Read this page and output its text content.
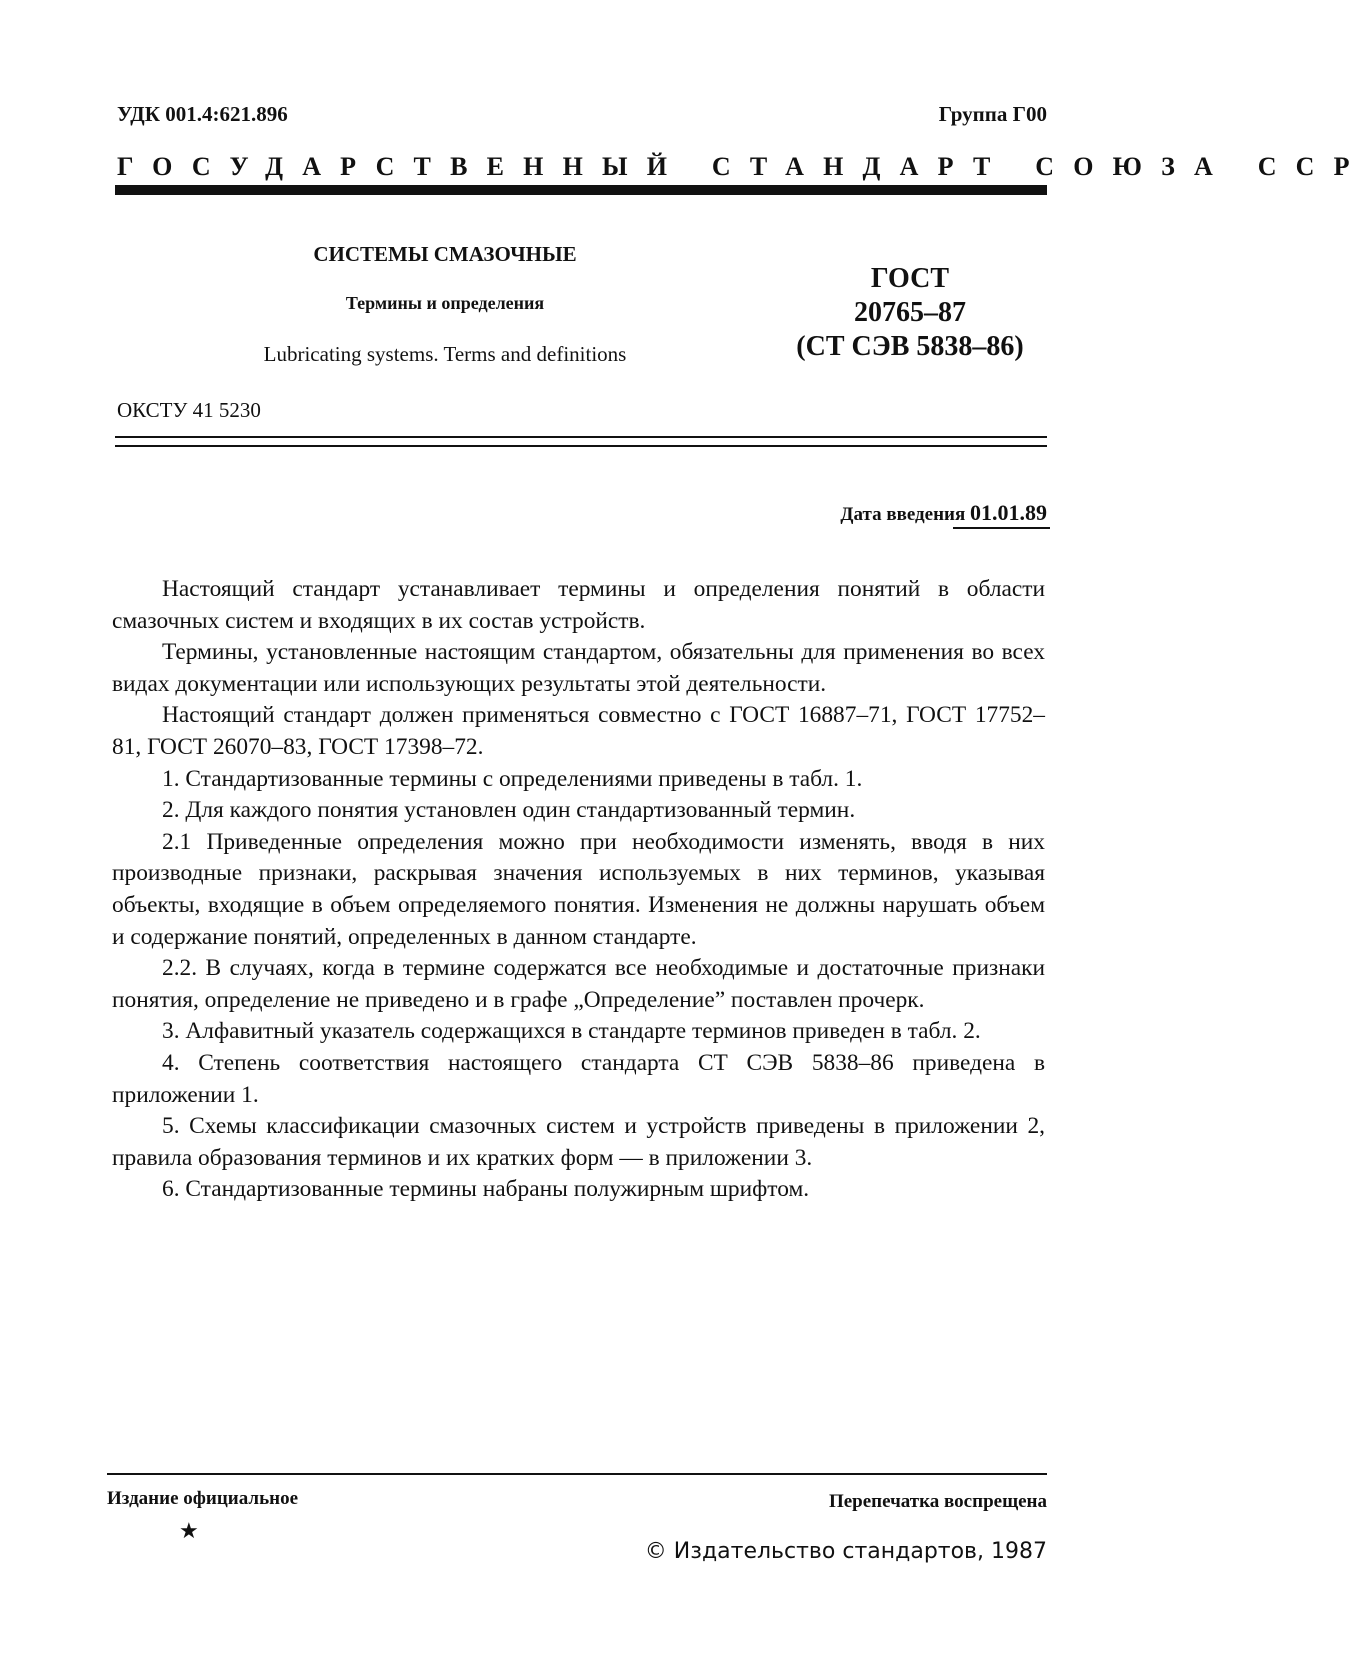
УДК 001.4:621.896	Группа Г00
ГОСУДАРСТВЕННЫЙ СТАНДАРТ СОЮЗА ССР
СИСТЕМЫ СМАЗОЧНЫЕ
Термины и определения
Lubricating systems. Terms and definitions
ГОСТ
20765–87
(СТ СЭВ 5838–86)
ОКСТУ 41 5230
Дата введения 01.01.89

Настоящий стандарт устанавливает термины и определения понятий в области смазочных систем и входящих в их состав устройств.

Термины, установленные настоящим стандартом, обязательны для применения во всех видах документации или использующих результаты этой деятельности.

Настоящий стандарт должен применяться совместно с ГОСТ 16887–71, ГОСТ 17752–81, ГОСТ 26070–83, ГОСТ 17398–72.

1. Стандартизованные термины с определениями приведены в табл. 1.

2. Для каждого понятия установлен один стандартизованный термин.

2.1 Приведенные определения можно при необходимости изменять, вводя в них производные признаки, раскрывая значения используемых в них терминов, указывая объекты, входящие в объем определяемого понятия. Изменения не должны нарушать объем и содержание понятий, определенных в данном стандарте.

2.2. В случаях, когда в термине содержатся все необходимые и достаточные признаки понятия, определение не приведено и в графе „Определение” поставлен прочерк.

3. Алфавитный указатель содержащихся в стандарте терминов приведен в табл. 2.

4. Степень соответствия настоящего стандарта СТ СЭВ 5838–86 приведена в приложении 1.

5. Схемы классификации смазочных систем и устройств приведены в приложении 2, правила образования терминов и их кратких форм — в приложении 3.

6. Стандартизованные термины набраны полужирным шрифтом.

Издание официальное	Перепечатка воспрещена
★
© Издательство стандартов, 1987
